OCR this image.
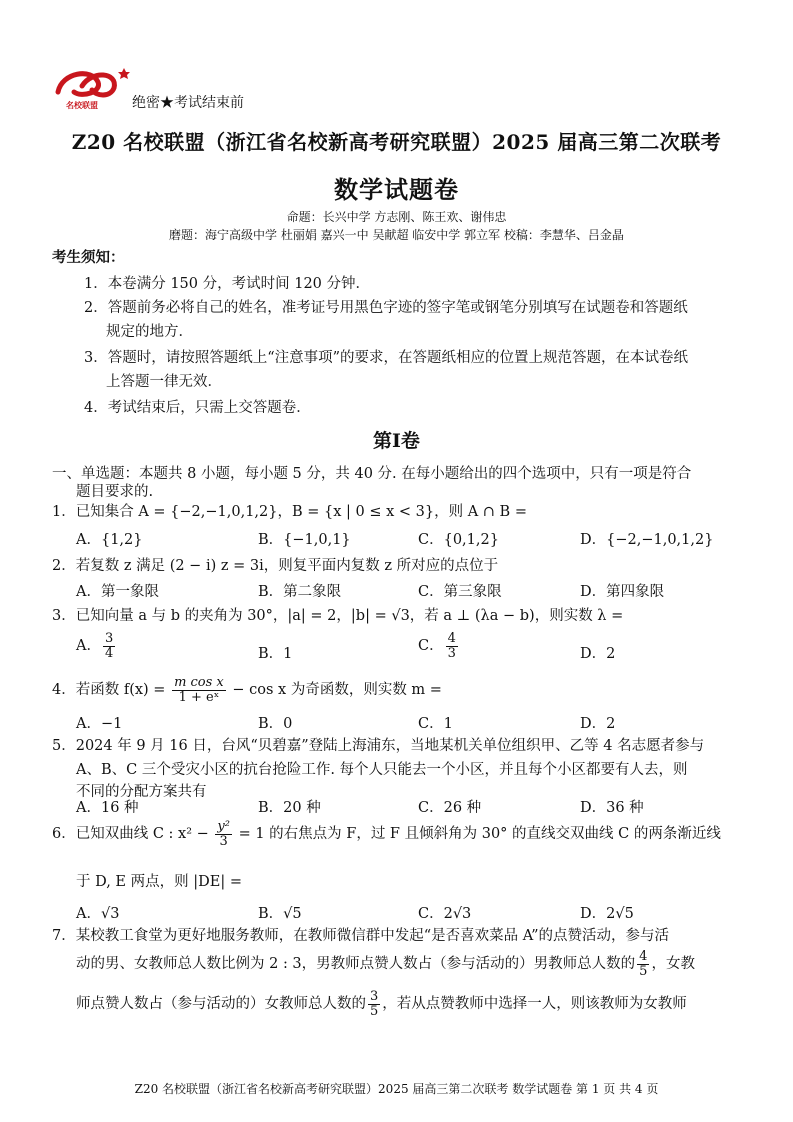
名校联盟 绝密★考试结束前
Z20 名校联盟（浙江省名校新高考研究联盟）2025 届高三第二次联考
数学试题卷
命题：长兴中学 方志刚、陈王欢、谢伟忠
磨题：海宁高级中学 杜丽娟 嘉兴一中 吴献超 临安中学 郭立军 校稿：李慧华、吕金晶
考生须知：
1．本卷满分 150 分，考试时间 120 分钟．
2．答题前务必将自己的姓名，准考证号用黑色字迹的签字笔或钢笔分别填写在试题卷和答题纸
规定的地方．
3．答题时，请按照答题纸上“注意事项”的要求，在答题纸相应的位置上规范答题，在本试卷纸
上答题一律无效．
4．考试结束后，只需上交答题卷．
第Ⅰ卷
一、单选题：本题共 8 小题，每小题 5 分，共 40 分. 在每小题给出的四个选项中，只有一项是符合
题目要求的.
1．已知集合 A = {−2,−1,0,1,2}，B = {x | 0 ≤ x < 3}，则 A ∩ B =
A．{1,2}	B．{−1,0,1}	C．{0,1,2}	D．{−2,−1,0,1,2}
2．若复数 z 满足 (2 − i) z = 3i，则复平面内复数 z 所对应的点位于
A．第一象限	B．第二象限	C．第三象限	D．第四象限
3．已知向量 a 与 b 的夹角为 30°，|a| = 2，|b| = √3，若 a ⊥ (λa − b)，则实数 λ =
A． $\frac{3}{4}$	B．1	C． $\frac{4}{3}$	D．2
4．若函数 $f(x) = \frac{\text{m cos x}}{\text{1 + eˣ}} - \cos x$ 为奇函数，则实数 m =
A．−1	B．0	C．1	D．2
5．2024 年 9 月 16 日，台风“贝碧嘉”登陆上海浦东，当地某机关单位组织甲、乙等 4 名志愿者参与
A、B、C 三个受灾小区的抗台抢险工作. 每个人只能去一个小区，并且每个小区都要有人去，则
不同的分配方案共有
A．16 种	B．20 种	C．26 种	D．36 种
6．已知双曲线 C : $x^2 - \frac{\text{y²}}{3} = 1$ 的右焦点为 F，过 F 且倾斜角为 30° 的直线交双曲线 C 的两条渐近线
于 D, E 两点，则 |DE| =
A．√3	B．√5	C．2√3	D．2√5
7．某校教工食堂为更好地服务教师，在教师微信群中发起“是否喜欢菜品 A”的点赞活动，参与活
动的男、女教师总人数比例为 2 : 3，男教师点赞人数占（参与活动的）男教师总人数的 $\frac{4}{5}$ ，女教
师点赞人数占（参与活动的）女教师总人数的 $\frac{3}{5}$ ，若从点赞教师中选择一人，则该教师为女教师
Z20 名校联盟（浙江省名校新高考研究联盟）2025 届高三第二次联考 数学试题卷 第 1 页 共 4 页
